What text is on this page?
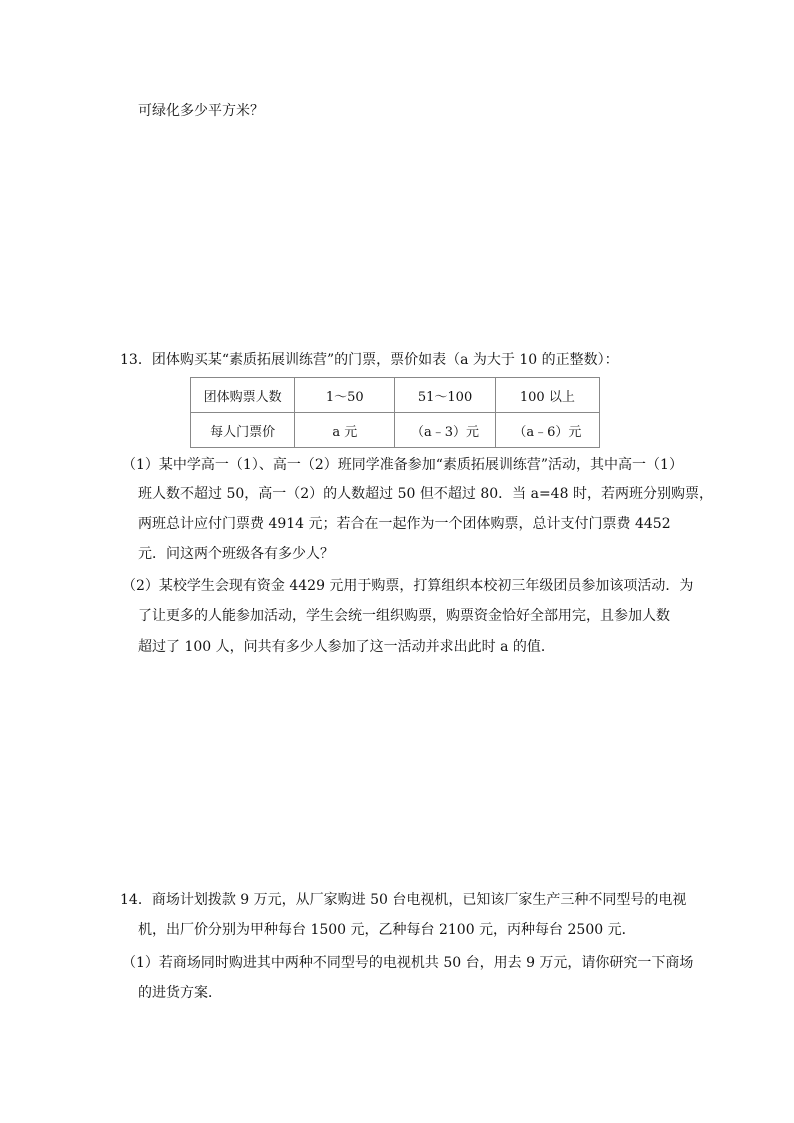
可绿化多少平方米？
13．团体购买某“素质拓展训练营”的门票，票价如表（a 为大于 10 的正整数）：
团体购票人数	1～50	51～100	100 以上
每人门票价	a 元	（a﹣3）元	（a﹣6）元
（1）某中学高一（1）、高一（2）班同学准备参加“素质拓展训练营”活动，其中高一（1）
班人数不超过 50，高一（2）的人数超过 50 但不超过 80．当 a=48 时，若两班分别购票，
两班总计应付门票费 4914 元；若合在一起作为一个团体购票，总计支付门票费 4452
元．问这两个班级各有多少人？
（2）某校学生会现有资金 4429 元用于购票，打算组织本校初三年级团员参加该项活动．为
了让更多的人能参加活动，学生会统一组织购票，购票资金恰好全部用完，且参加人数
超过了 100 人，问共有多少人参加了这一活动并求出此时 a 的值．
14．商场计划拨款 9 万元，从厂家购进 50 台电视机，已知该厂家生产三种不同型号的电视
机，出厂价分别为甲种每台 1500 元，乙种每台 2100 元，丙种每台 2500 元．
（1）若商场同时购进其中两种不同型号的电视机共 50 台，用去 9 万元，请你研究一下商场
的进货方案．
